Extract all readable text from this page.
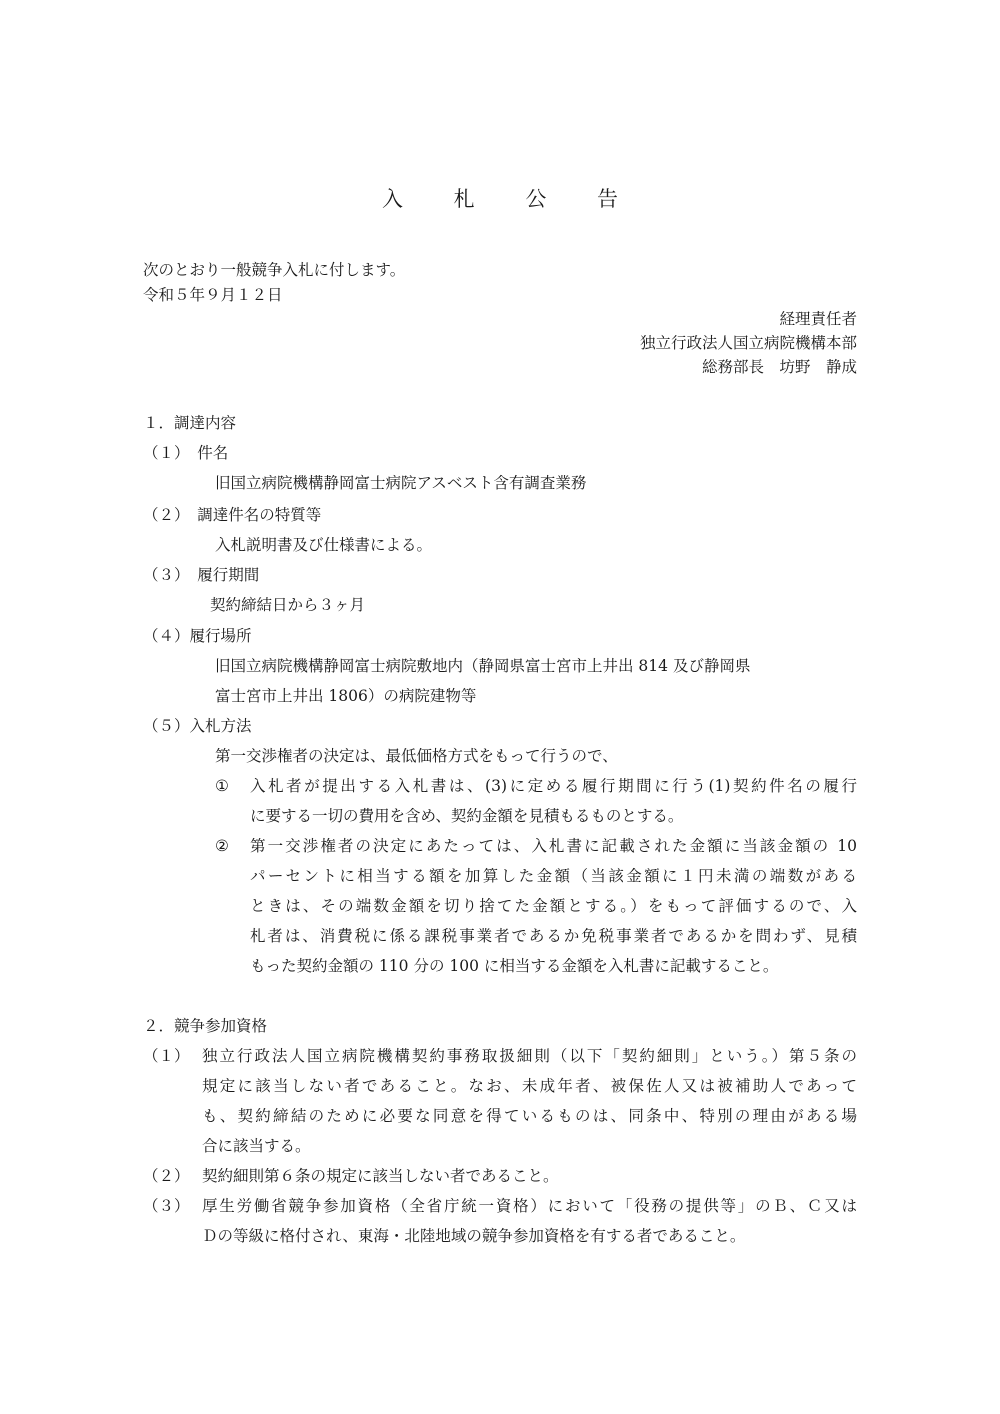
入 札 公 告
次のとおり一般競争入札に付します。
令和５年９月１２日
経理責任者
独立行政法人国立病院機構本部
総務部長　坊野　静成
１．調達内容
（１）　件名
旧国立病院機構静岡富士病院アスベスト含有調査業務
（２）　調達件名の特質等
入札説明書及び仕様書による。
（３）　履行期間
契約締結日から３ヶ月
（４）履行場所
旧国立病院機構静岡富士病院敷地内（静岡県富士宮市上井出 814 及び静岡県
富士宮市上井出 1806）の病院建物等
（５）入札方法
第一交渉権者の決定は、最低価格方式をもって行うので、
① 入札者が提出する入札書は、(3)に定める履行期間に行う(1)契約件名の履行
に要する一切の費用を含め、契約金額を見積もるものとする。
② 第一交渉権者の決定にあたっては、入札書に記載された金額に当該金額の 10
パーセントに相当する額を加算した金額（当該金額に１円未満の端数がある
ときは、その端数金額を切り捨てた金額とする。）をもって評価するので、入
札者は、消費税に係る課税事業者であるか免税事業者であるかを問わず、見積
もった契約金額の 110 分の 100 に相当する金額を入札書に記載すること。
２．競争参加資格
（１） 独立行政法人国立病院機構契約事務取扱細則（以下「契約細則」という。）第５条の
規定に該当しない者であること。なお、未成年者、被保佐人又は被補助人であって
も、契約締結のために必要な同意を得ているものは、同条中、特別の理由がある場
合に該当する。
（２） 契約細則第６条の規定に該当しない者であること。
（３） 厚生労働省競争参加資格（全省庁統一資格）において「役務の提供等」のＢ、Ｃ又は
Ｄの等級に格付され、東海・北陸地域の競争参加資格を有する者であること。
